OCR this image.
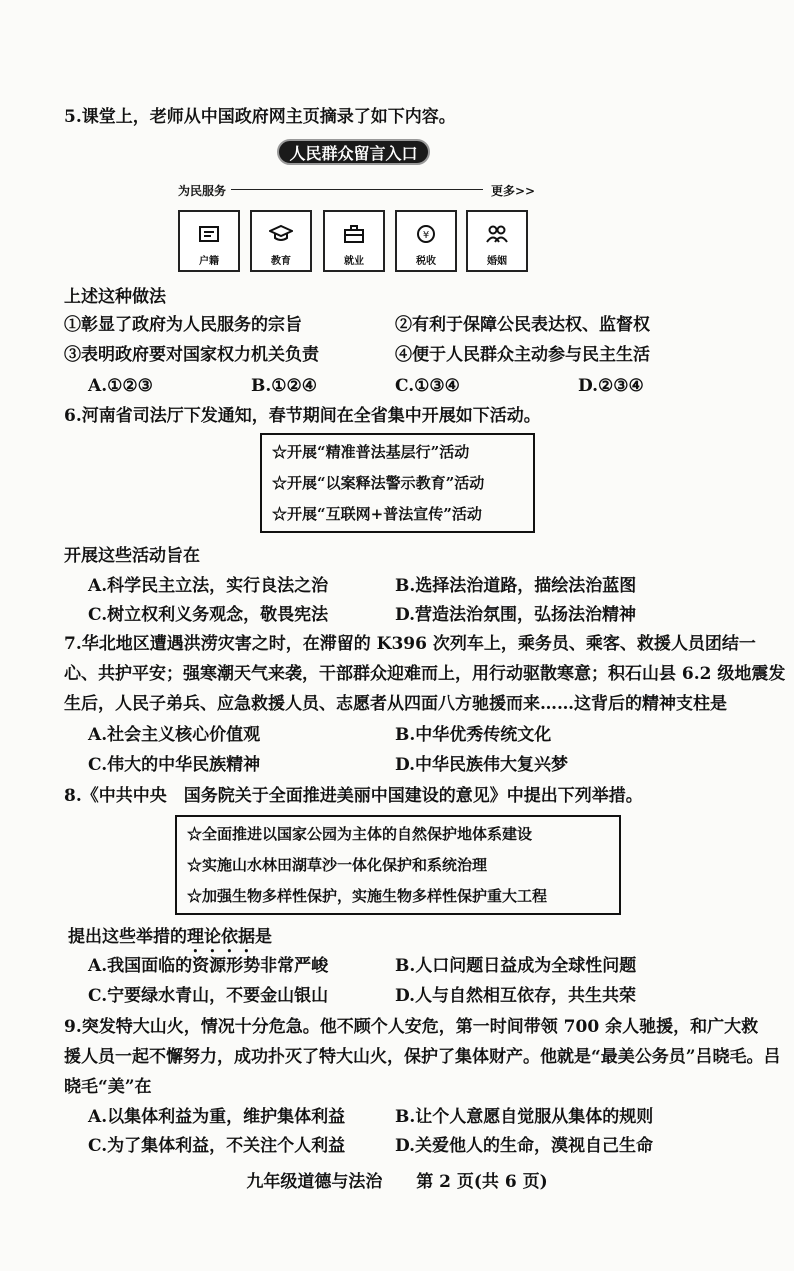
5.课堂上，老师从中国政府网主页摘录了如下内容。
人民群众留言入口
为民服务	更多>>
户籍	教育	就业
¥
税收	婚姻
上述这种做法
①彰显了政府为人民服务的宗旨	②有利于保障公民表达权、监督权
③表明政府要对国家权力机关负责	④便于人民群众主动参与民主生活
A.①②③	B.①②④	C.①③④	D.②③④
6.河南省司法厅下发通知，春节期间在全省集中开展如下活动。
☆开展“精准普法基层行”活动
☆开展“以案释法警示教育”活动
☆开展“互联网+普法宣传”活动
开展这些活动旨在
A.科学民主立法，实行良法之治	B.选择法治道路，描绘法治蓝图
C.树立权利义务观念，敬畏宪法	D.营造法治氛围，弘扬法治精神
7.华北地区遭遇洪涝灾害之时，在滞留的 K396 次列车上，乘务员、乘客、救援人员团结一
心、共护平安；强寒潮天气来袭，干部群众迎难而上，用行动驱散寒意；积石山县 6.2 级地震发
生后，人民子弟兵、应急救援人员、志愿者从四面八方驰援而来……这背后的精神支柱是
A.社会主义核心价值观	B.中华优秀传统文化
C.伟大的中华民族精神	D.中华民族伟大复兴梦
8.《中共中央　国务院关于全面推进美丽中国建设的意见》中提出下列举措。
☆全面推进以国家公园为主体的自然保护地体系建设
☆实施山水林田湖草沙一体化保护和系统治理
☆加强生物多样性保护，实施生物多样性保护重大工程
提出这些举措的理论依据是
A.我国面临的资源形势非常严峻	B.人口问题日益成为全球性问题
C.宁要绿水青山，不要金山银山	D.人与自然相互依存，共生共荣
9.突发特大山火，情况十分危急。他不顾个人安危，第一时间带领 700 余人驰援，和广大救
援人员一起不懈努力，成功扑灭了特大山火，保护了集体财产。他就是“最美公务员”吕晓毛。吕
晓毛“美”在
A.以集体利益为重，维护集体利益	B.让个人意愿自觉服从集体的规则
C.为了集体利益，不关注个人利益	D.关爱他人的生命，漠视自己生命
九年级道德与法治 第 2 页(共 6 页)
